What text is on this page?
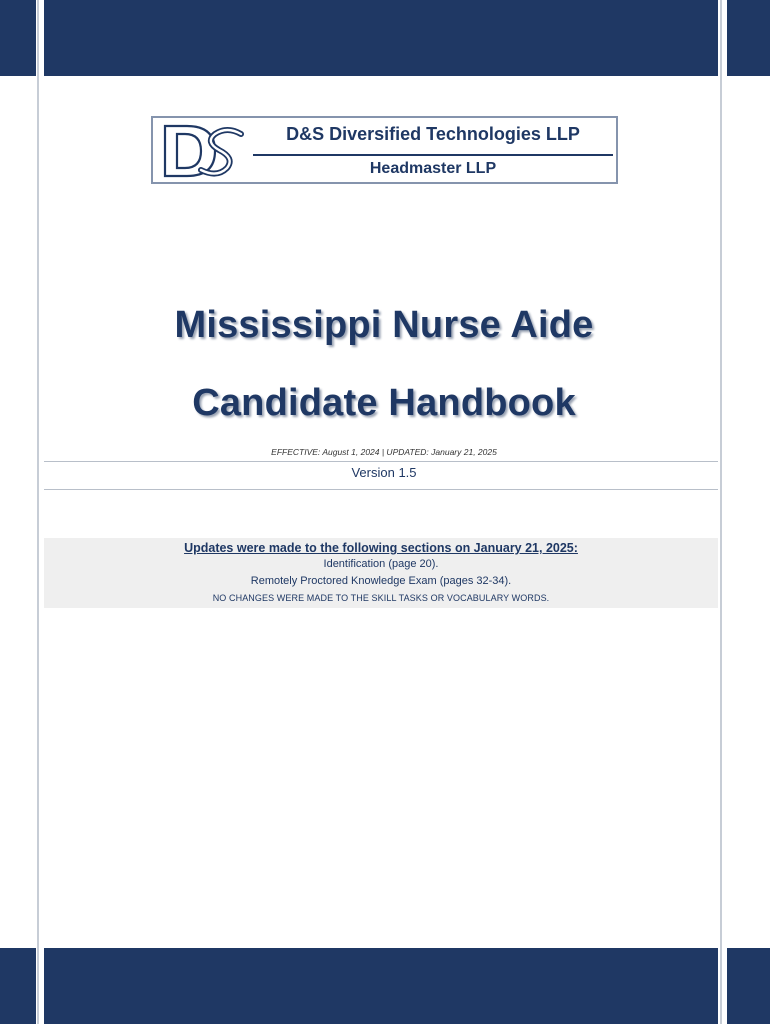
D&S Diversified Technologies LLP
Headmaster LLP
Mississippi Nurse Aide
Candidate Handbook
EFFECTIVE: August 1, 2024 | UPDATED: January 21, 2025
Version 1.5
Updates were made to the following sections on January 21, 2025:
Identification (page 20).
Remotely Proctored Knowledge Exam (pages 32-34).
NO CHANGES WERE MADE TO THE SKILL TASKS OR VOCABULARY WORDS.
